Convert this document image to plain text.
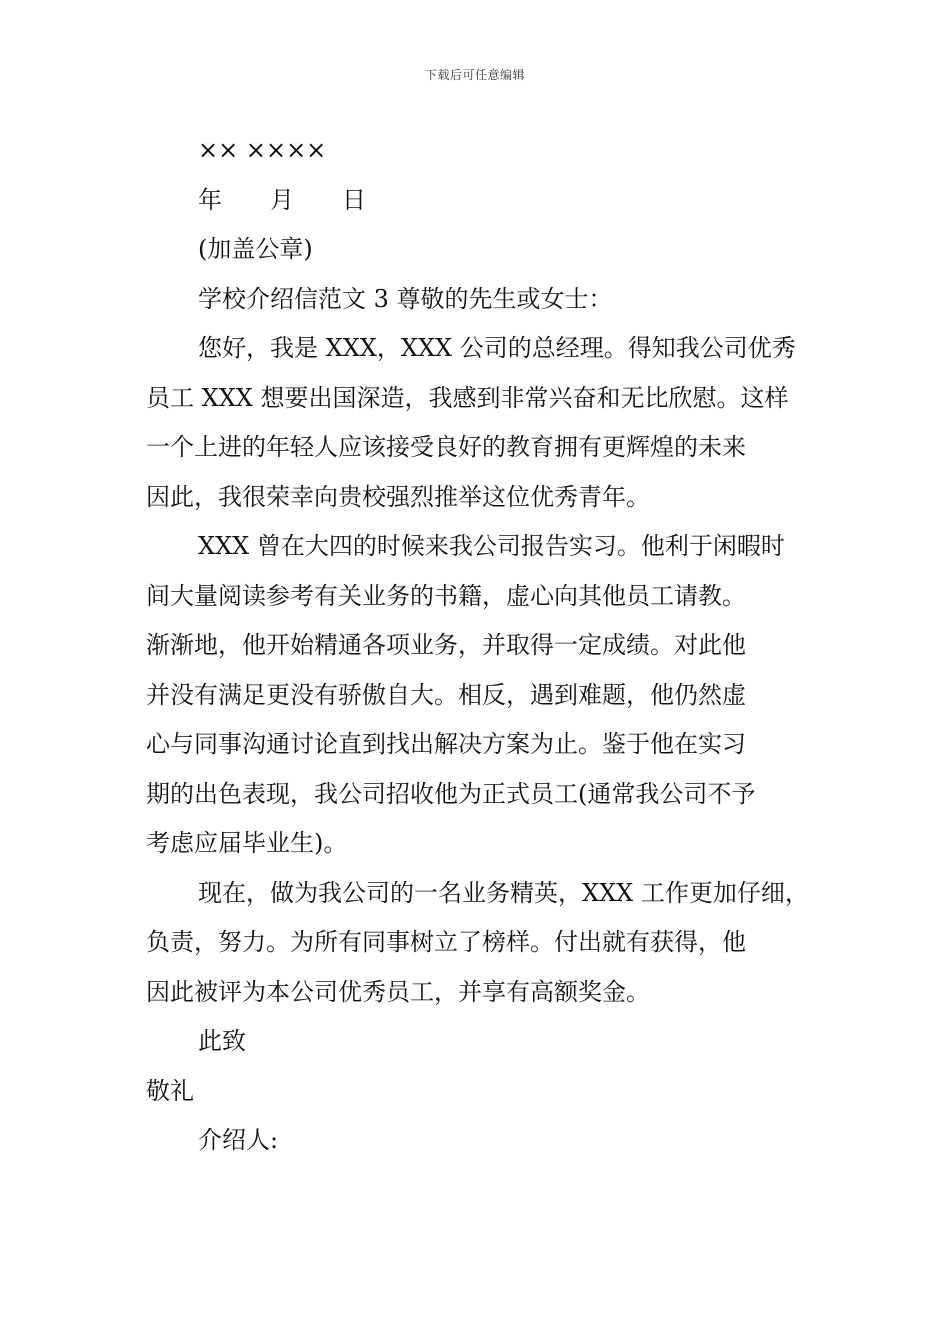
下载后可任意编辑
×× ××××
年　　月　　日
(加盖公章)
学校介绍信范文 3 尊敬的先生或女士：
您好，我是 XXX，XXX 公司的总经理。得知我公司优秀
员工 XXX 想要出国深造，我感到非常兴奋和无比欣慰。这样
一个上进的年轻人应该接受良好的教育拥有更辉煌的未来
因此，我很荣幸向贵校强烈推举这位优秀青年。
XXX 曾在大四的时候来我公司报告实习。他利于闲暇时
间大量阅读参考有关业务的书籍，虚心向其他员工请教。
渐渐地，他开始精通各项业务，并取得一定成绩。对此他
并没有满足更没有骄傲自大。相反，遇到难题，他仍然虚
心与同事沟通讨论直到找出解决方案为止。鉴于他在实习
期的出色表现，我公司招收他为正式员工(通常我公司不予
考虑应届毕业生)。
现在，做为我公司的一名业务精英，XXX 工作更加仔细，
负责，努力。为所有同事树立了榜样。付出就有获得，他
因此被评为本公司优秀员工，并享有高额奖金。
此致
敬礼
介绍人:
